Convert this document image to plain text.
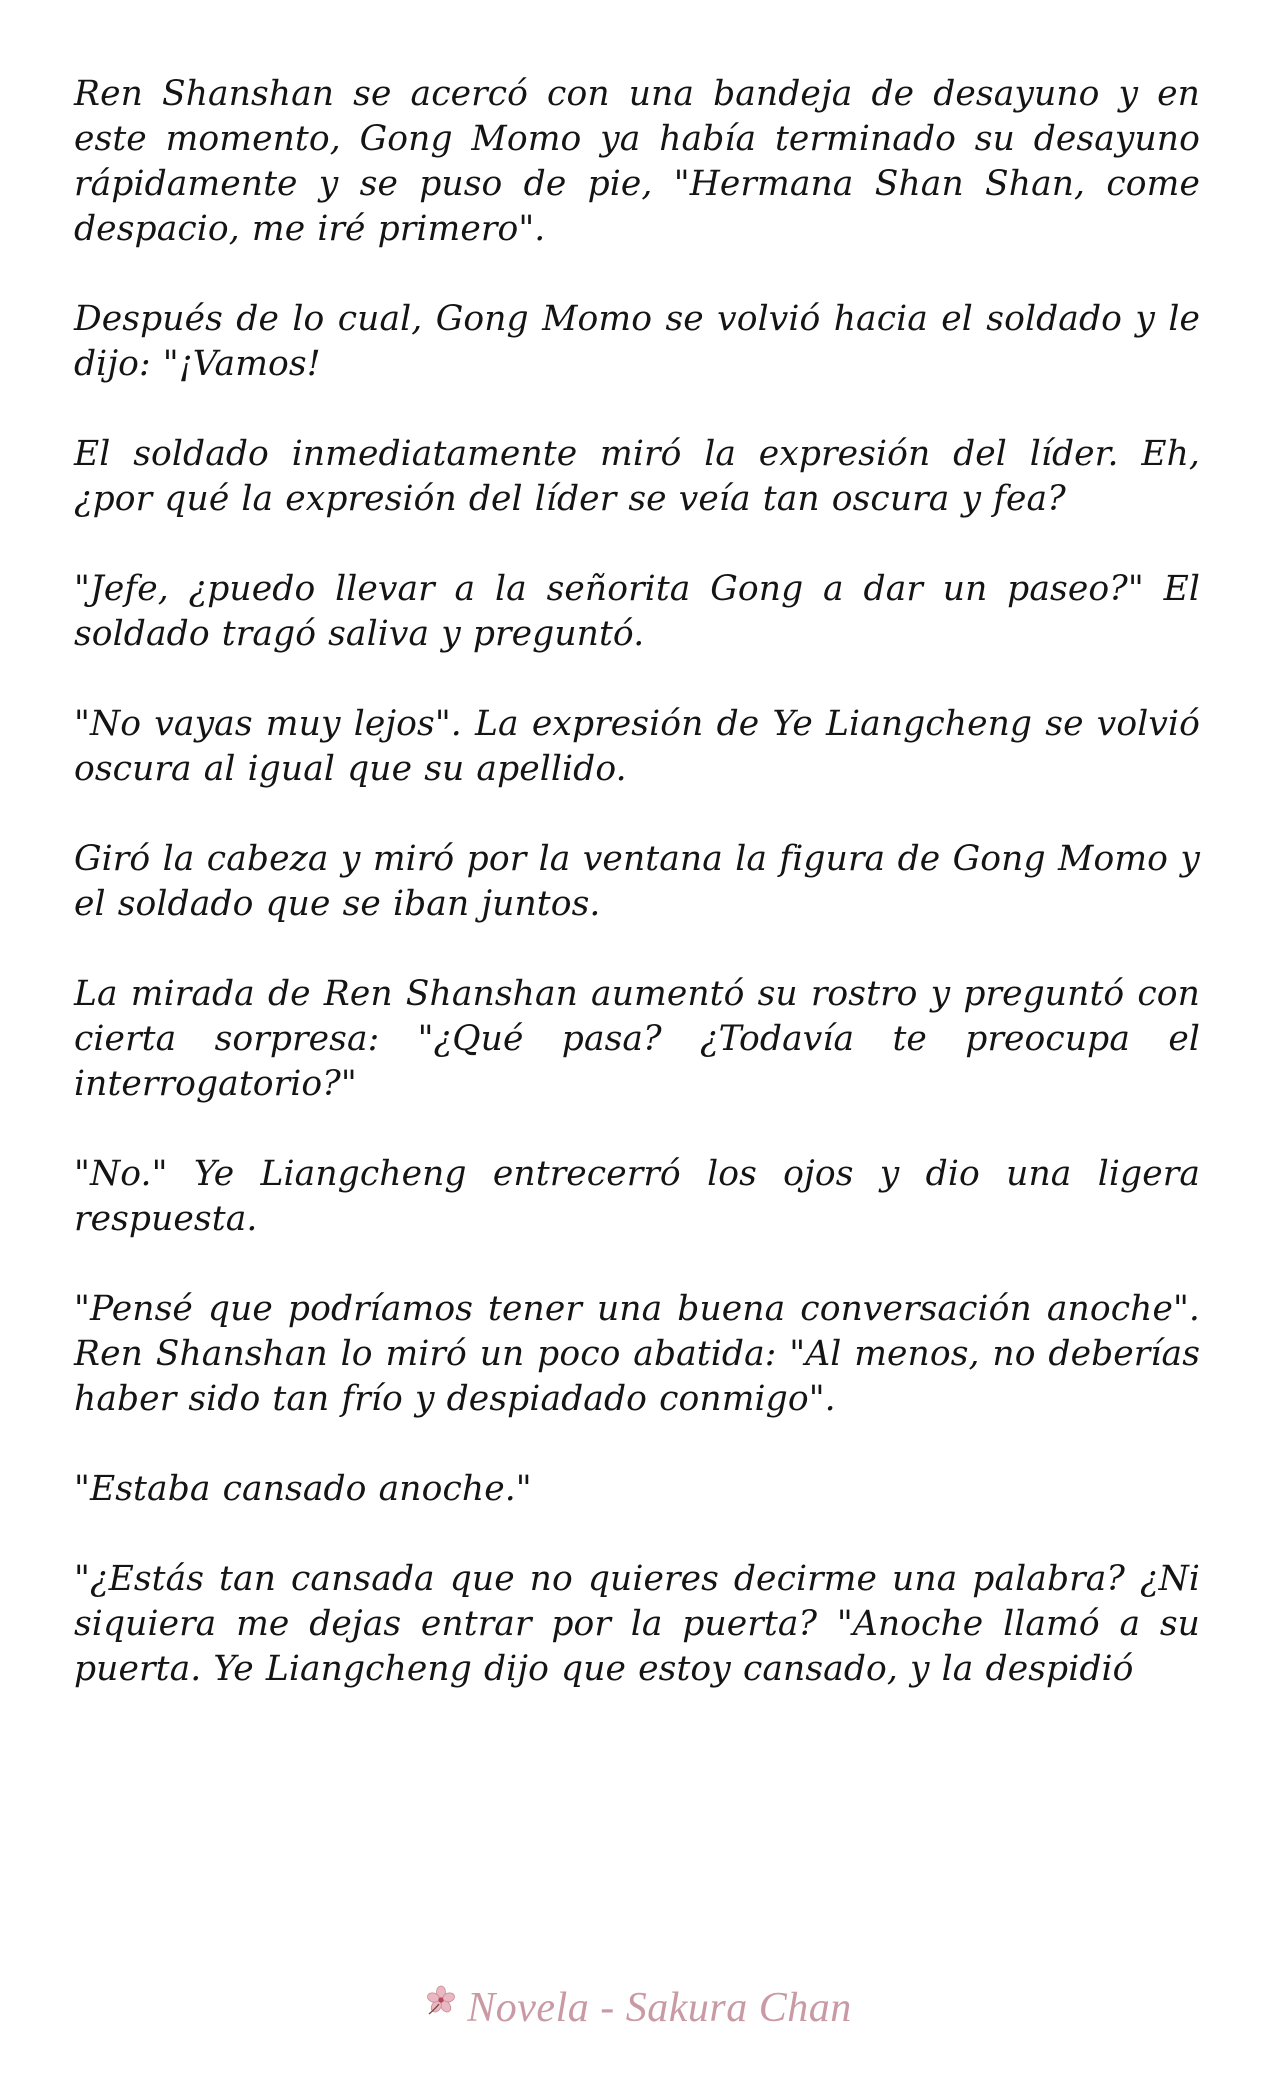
Ren Shanshan se acercó con una bandeja de desayuno y en este momento, Gong Momo ya había terminado su desayuno rápidamente y se puso de pie, "Hermana Shan Shan, come despacio, me iré primero".

Después de lo cual, Gong Momo se volvió hacia el soldado y le dijo: "¡Vamos!

El soldado inmediatamente miró la expresión del líder. Eh, ¿por qué la expresión del líder se veía tan oscura y fea?

"Jefe, ¿puedo llevar a la señorita Gong a dar un paseo?" El soldado tragó saliva y preguntó.

"No vayas muy lejos". La expresión de Ye Liangcheng se volvió oscura al igual que su apellido.

Giró la cabeza y miró por la ventana la figura de Gong Momo y el soldado que se iban juntos.

La mirada de Ren Shanshan aumentó su rostro y preguntó con cierta sorpresa: "¿Qué pasa? ¿Todavía te preocupa el interrogatorio?"

"No." Ye Liangcheng entrecerró los ojos y dio una ligera respuesta.

"Pensé que podríamos tener una buena conversación anoche". Ren Shanshan lo miró un poco abatida: "Al menos, no deberías haber sido tan frío y despiadado conmigo".

"Estaba cansado anoche."

"¿Estás tan cansada que no quieres decirme una palabra? ¿Ni siquiera me dejas entrar por la puerta? "Anoche llamó a su puerta. Ye Liangcheng dijo que estoy cansado, y la despidió

Novela - Sakura Chan
